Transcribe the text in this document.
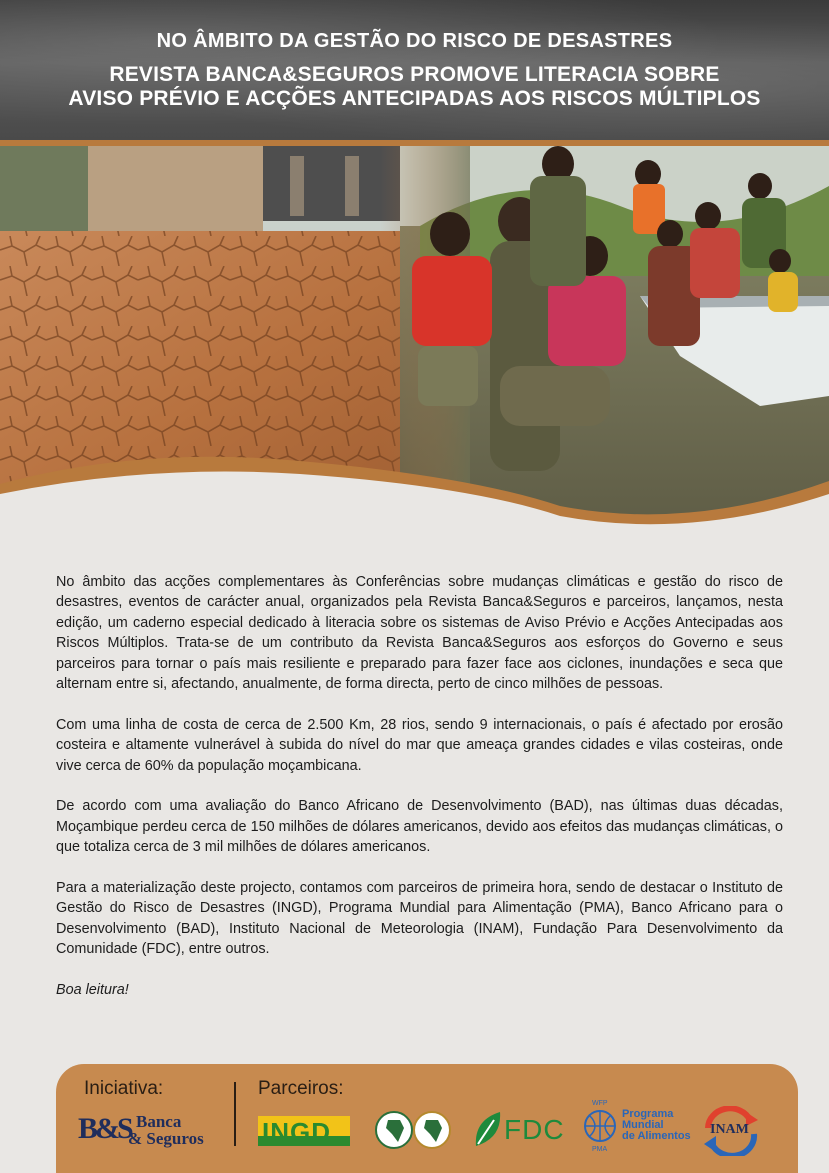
NO ÂMBITO DA GESTÃO DO RISCO DE DESASTRES
REVISTA BANCA&SEGUROS PROMOVE LITERACIA SOBRE
AVISO PRÉVIO E ACÇÕES ANTECIPADAS AOS RISCOS MÚLTIPLOS

No âmbito das acções complementares às Conferências sobre mudanças climáticas e gestão do risco de desastres, eventos de carácter anual, organizados pela Revista Banca&Seguros e parceiros, lançamos, nesta edição, um caderno especial dedicado à literacia sobre os sistemas de Aviso Prévio e Acções Antecipadas aos Riscos Múltiplos. Trata-se de um contributo da Revista Banca&Seguros aos esforços do Governo e seus parceiros para tornar o país mais resiliente e preparado para fazer face aos ciclones, inundações e seca que alternam entre si, afectando, anualmente, de forma directa, perto de cinco milhões de pessoas.

Com uma linha de costa de cerca de 2.500 Km, 28 rios, sendo 9 internacionais, o país é afectado por erosão costeira e altamente vulnerável à subida do nível do mar que ameaça grandes cidades e vilas costeiras, onde vive cerca de 60% da população moçambicana.

De acordo com uma avaliação do Banco Africano de Desenvolvimento (BAD), nas últimas duas décadas, Moçambique perdeu cerca de 150 milhões de dólares americanos, devido aos efeitos das mudanças climáticas, o que totaliza cerca de 3 mil milhões de dólares americanos.

Para a materialização deste projecto, contamos com parceiros de primeira hora, sendo de destacar o Instituto de Gestão do Risco de Desastres (INGD), Programa Mundial para Alimentação (PMA), Banco Africano para o Desenvolvimento (BAD), Instituto Nacional de Meteorologia (INAM), Fundação Para Desenvolvimento da Comunidade (FDC), entre outros.

Boa leitura!

Iniciativa:	Parceiros:
B&S Banca
& Seguros INGD	FDC
WFP
PMA
Programa
Mundial
de Alimentos INAM
